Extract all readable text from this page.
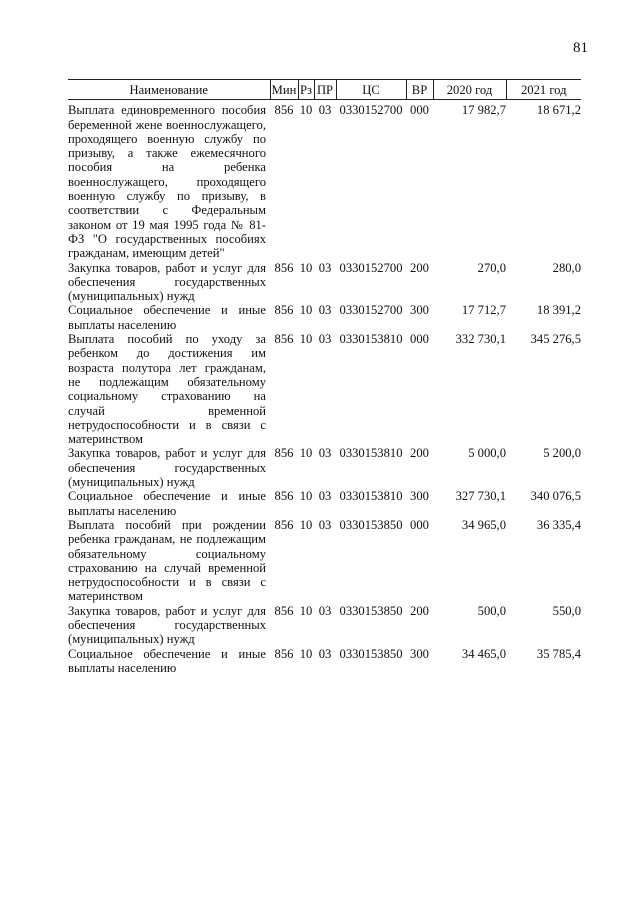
81
Наименование	Мин	Рз	ПР	ЦС	ВР	2020 год	2021 год
Выплата единовременного пособия беременной жене военнослужащего, проходящего военную службу по призыву, а также ежемесячного пособия на ребенка военнослужащего, проходящего военную службу по призыву, в соответствии с Федеральным законом от 19 мая 1995 года № 81-ФЗ "О государственных пособиях гражданам, имеющим детей"	856	10	03	0330152700	000	17 982,7	18 671,2
Закупка товаров, работ и услуг для обеспечения государственных (муниципальных) нужд	856	10	03	0330152700	200	270,0	280,0
Социальное обеспечение и иные выплаты населению	856	10	03	0330152700	300	17 712,7	18 391,2
Выплата пособий по уходу за ребенком до достижения им возраста полутора лет гражданам, не подлежащим обязательному социальному страхованию на случай временной нетрудоспособности и в связи с материнством	856	10	03	0330153810	000	332 730,1	345 276,5
Закупка товаров, работ и услуг для обеспечения государственных (муниципальных) нужд	856	10	03	0330153810	200	5 000,0	5 200,0
Социальное обеспечение и иные выплаты населению	856	10	03	0330153810	300	327 730,1	340 076,5
Выплата пособий при рождении ребенка гражданам, не подлежащим обязательному социальному страхованию на случай временной нетрудоспособности и в связи с материнством	856	10	03	0330153850	000	34 965,0	36 335,4
Закупка товаров, работ и услуг для обеспечения государственных (муниципальных) нужд	856	10	03	0330153850	200	500,0	550,0
Социальное обеспечение и иные выплаты населению	856	10	03	0330153850	300	34 465,0	35 785,4
